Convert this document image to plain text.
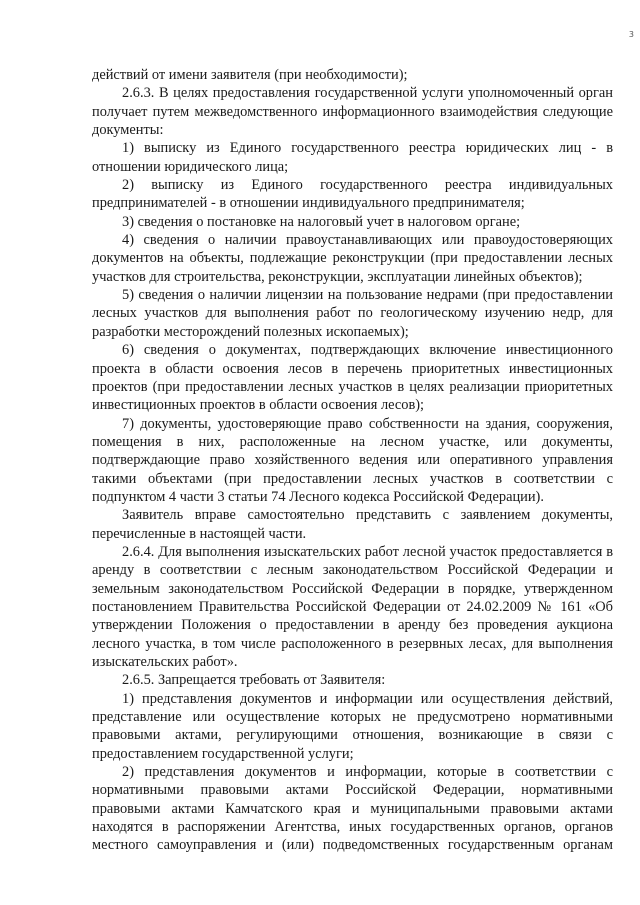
3

действий от имени заявителя (при необходимости);

2.6.3. В целях предоставления государственной услуги уполномоченный орган получает путем межведомственного информационного взаимодействия следующие документы:

1) выписку из Единого государственного реестра юридических лиц - в отношении юридического лица;

2) выписку из Единого государственного реестра индивидуальных предпринимателей - в отношении индивидуального предпринимателя;

3) сведения о постановке на налоговый учет в налоговом органе;

4) сведения о наличии правоустанавливающих или правоудостоверяющих документов на объекты, подлежащие реконструкции (при предоставлении лесных участков для строительства, реконструкции, эксплуатации линейных объектов);

5) сведения о наличии лицензии на пользование недрами (при предоставлении лесных участков для выполнения работ по геологическому изучению недр, для разработки месторождений полезных ископаемых);

6) сведения о документах, подтверждающих включение инвестиционного проекта в области освоения лесов в перечень приоритетных инвестиционных проектов (при предоставлении лесных участков в целях реализации приоритетных инвестиционных проектов в области освоения лесов);

7) документы, удостоверяющие право собственности на здания, сооружения, помещения в них, расположенные на лесном участке, или документы, подтверждающие право хозяйственного ведения или оперативного управления такими объектами (при предоставлении лесных участков в соответствии с подпунктом 4 части 3 статьи 74 Лесного кодекса Российской Федерации).

Заявитель вправе самостоятельно представить с заявлением документы, перечисленные в настоящей части.

2.6.4. Для выполнения изыскательских работ лесной участок предоставляется в аренду в соответствии с лесным законодательством Российской Федерации и земельным законодательством Российской Федерации в порядке, утвержденном постановлением Правительства Российской Федерации от 24.02.2009 № 161 «Об утверждении Положения о предоставлении в аренду без проведения аукциона лесного участка, в том числе расположенного в резервных лесах, для выполнения изыскательских работ».

2.6.5. Запрещается требовать от Заявителя:

1) представления документов и информации или осуществления действий, представление или осуществление которых не предусмотрено нормативными правовыми актами, регулирующими отношения, возникающие в связи с предоставлением государственной услуги;

2) представления документов и информации, которые в соответствии с нормативными правовыми актами Российской Федерации, нормативными правовыми актами Камчатского края и муниципальными правовыми актами находятся в распоряжении Агентства, иных государственных органов, органов местного самоуправления и (или) подведомственных государственным органам
